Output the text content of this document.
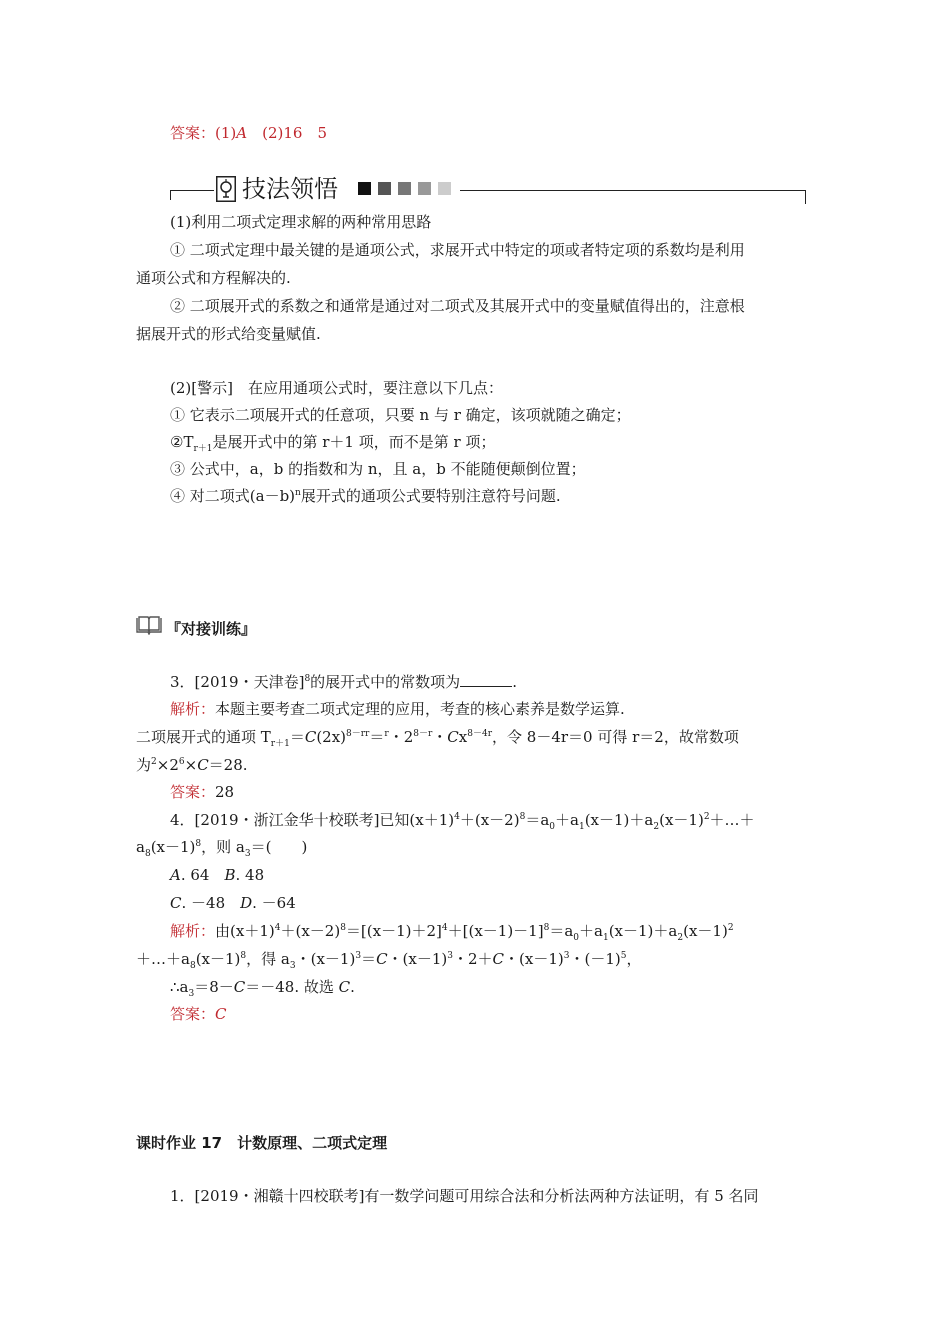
答案：(1)A　(2)16　5
技法领悟
(1)利用二项式定理求解的两种常用思路
① 二项式定理中最关键的是通项公式，求展开式中特定的项或者特定项的系数均是利用
通项公式和方程解决的.
② 二项展开式的系数之和通常是通过对二项式及其展开式中的变量赋值得出的，注意根
据展开式的形式给变量赋值.
(2)[警示]　在应用通项公式时，要注意以下几点：
① 它表示二项展开式的任意项，只要 n 与 r 确定，该项就随之确定；
$②T_{r+1}$是展开式中的第 r＋1 项，而不是第 r 项；
③ 公式中，a，b 的指数和为 n，且 a，b 不能随便颠倒位置；
④ 对二项式$(a-b)^n$展开式的通项公式要特别注意符号问题.
『对接训练』
3．[2019・天津卷]$^8$的展开式中的常数项为	.
解析：本题主要考查二项式定理的应用，考查的核心素养是数学运算.
二项展开式的通项 $T_{r+1}=C(2x)^{8-rr}=^r$・$2^{8-r}$・$Cx^{8-4r}$，令 8－4r＝0 可得 r＝2，故常数项
为$^2\times 2^6\times C=28$.
答案：28
4．[2019・浙江金华十校联考]已知$(x+1)^4+(x-2)^8=a_0+a_1(x-1)+a_2(x-1)^2+\dots+$
$a_8(x-1)^8$，则 $a_3=$(　　)
A. 64　B. 48
C. －48　D. －64
解析：由$(x+1)^4+(x-2)^8=[(x-1)+2]^4+[(x-1)-1]^8=a_0+a_1(x-1)+a_2(x-1)^2$
$+\dots+a_8(x-1)^8$，得 $a_3$・$(x-1)^3=C$・$(x-1)^3$・2＋C・$(x-1)^3$・$(-1)^5$，
$\therefore a_3=8-C=-48$. 故选 C.
答案：C
课时作业 17　计数原理、二项式定理
1．[2019・湘赣十四校联考]有一数学问题可用综合法和分析法两种方法证明，有 5 名同
